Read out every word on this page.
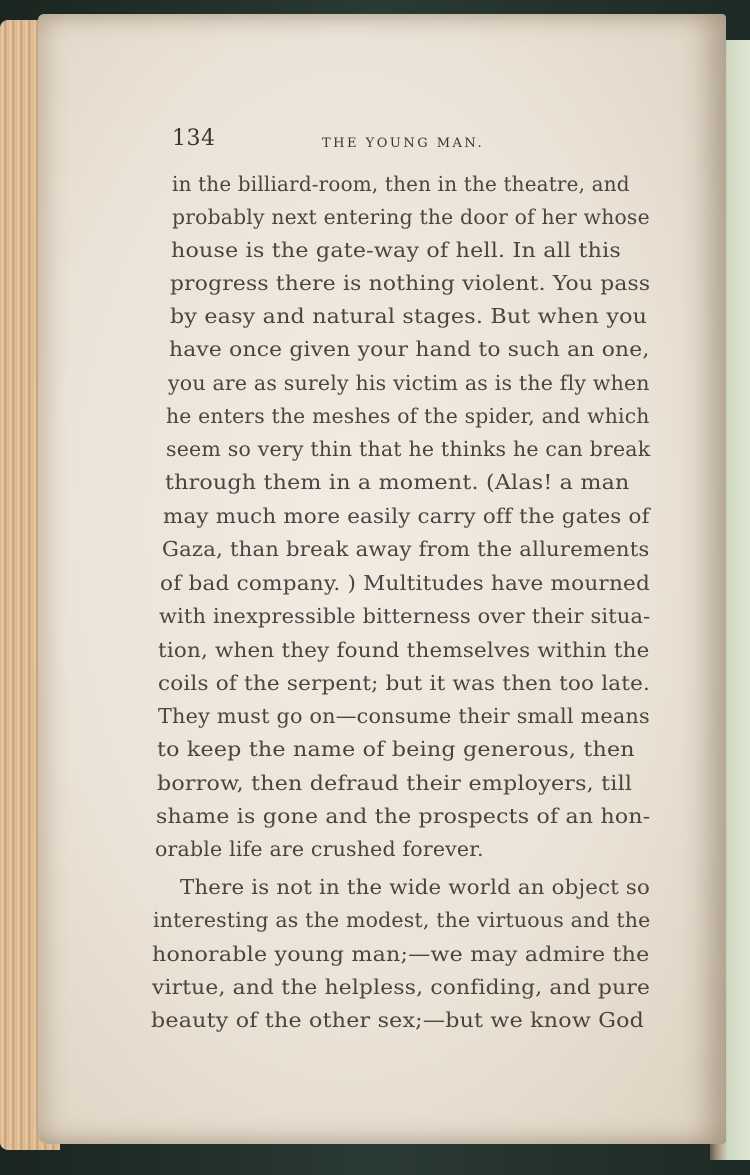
134	THE YOUNG MAN.
in the billiard-room, then in the theatre, and
probably next entering the door of her whose
house is the gate-way of hell. In all this
progress there is nothing violent. You pass
by easy and natural stages. But when you
have once given your hand to such an one,
you are as surely his victim as is the fly when
he enters the meshes of the spider, and which
seem so very thin that he thinks he can break
through them in a moment. (Alas! a man
may much more easily carry off the gates of
Gaza, than break away from the allurements
of bad company. ) Multitudes have mourned
with inexpressible bitterness over their situa-
tion, when they found themselves within the
coils of the serpent; but it was then too late.
They must go on—consume their small means
to keep the name of being generous, then
borrow, then defraud their employers, till
shame is gone and the prospects of an hon-
orable life are crushed forever.
There is not in the wide world an object so
interesting as the modest, the virtuous and the
honorable young man;—we may admire the
virtue, and the helpless, confiding, and pure
beauty of the other sex;—but we know God
